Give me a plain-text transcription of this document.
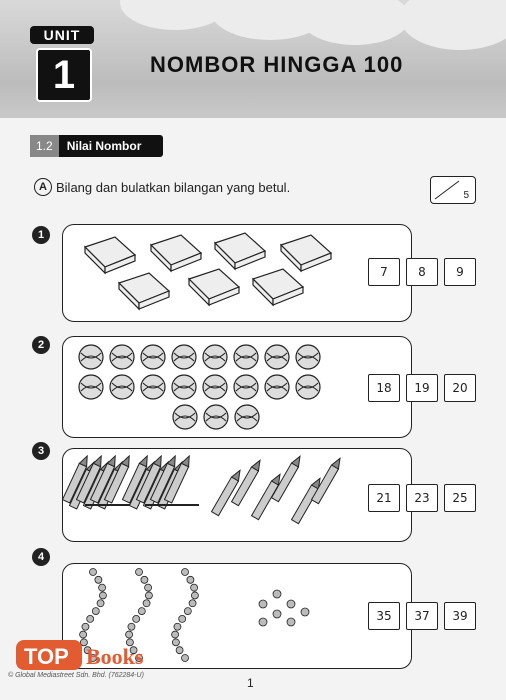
UNIT
1	NOMBOR HINGGA 100
1.2	Nilai Nombor
A Bilang dan bulatkan bilangan yang betul.
5
1
7	8	9
2
18	19	20
3
21	23	25
4
35	37	39
TOP Books
© Global Mediastreet Sdn. Bhd. (762284-U)
1
